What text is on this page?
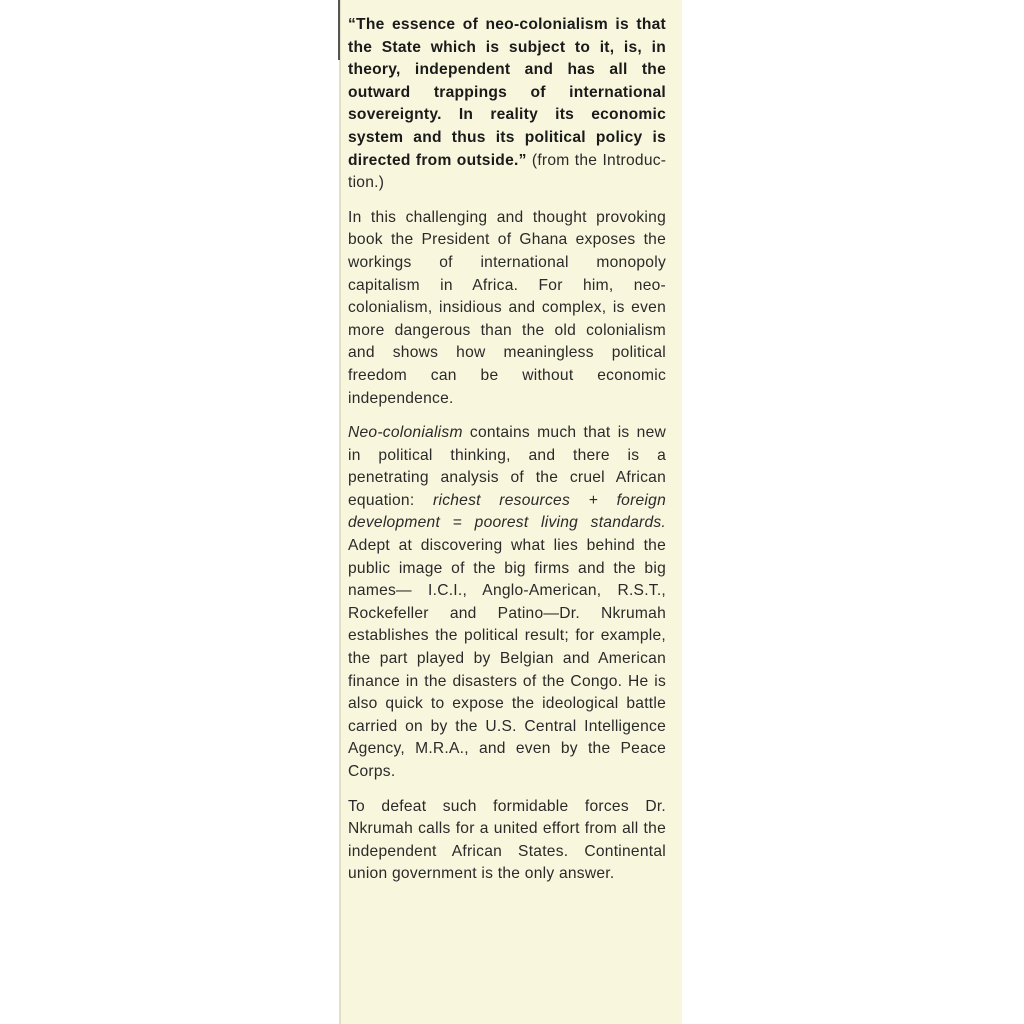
“The essence of neo-colonialism is that the State which is subject to it, is, in theory, independent and has all the outward trappings of international sovereignty. In reality its economic system and thus its political policy is directed from outside.” (from the Introduction.)

In this challenging and thought provoking book the President of Ghana exposes the workings of international monopoly capitalism in Africa. For him, neo-colonialism, insidious and complex, is even more dangerous than the old colonialism and shows how meaningless political freedom can be without economic independence.

Neo-colonialism contains much that is new in political thinking, and there is a penetrating analysis of the cruel African equation: richest resources + foreign development = poorest living standards. Adept at discovering what lies behind the public image of the big firms and the big names— I.C.I., Anglo-American, R.S.T., Rockefeller and Patino—Dr. Nkrumah establishes the political result; for example, the part played by Belgian and American finance in the disasters of the Congo. He is also quick to expose the ideological battle carried on by the U.S. Central Intelligence Agency, M.R.A., and even by the Peace Corps.

To defeat such formidable forces Dr. Nkrumah calls for a united effort from all the independent African States. Continental union government is the only answer.
